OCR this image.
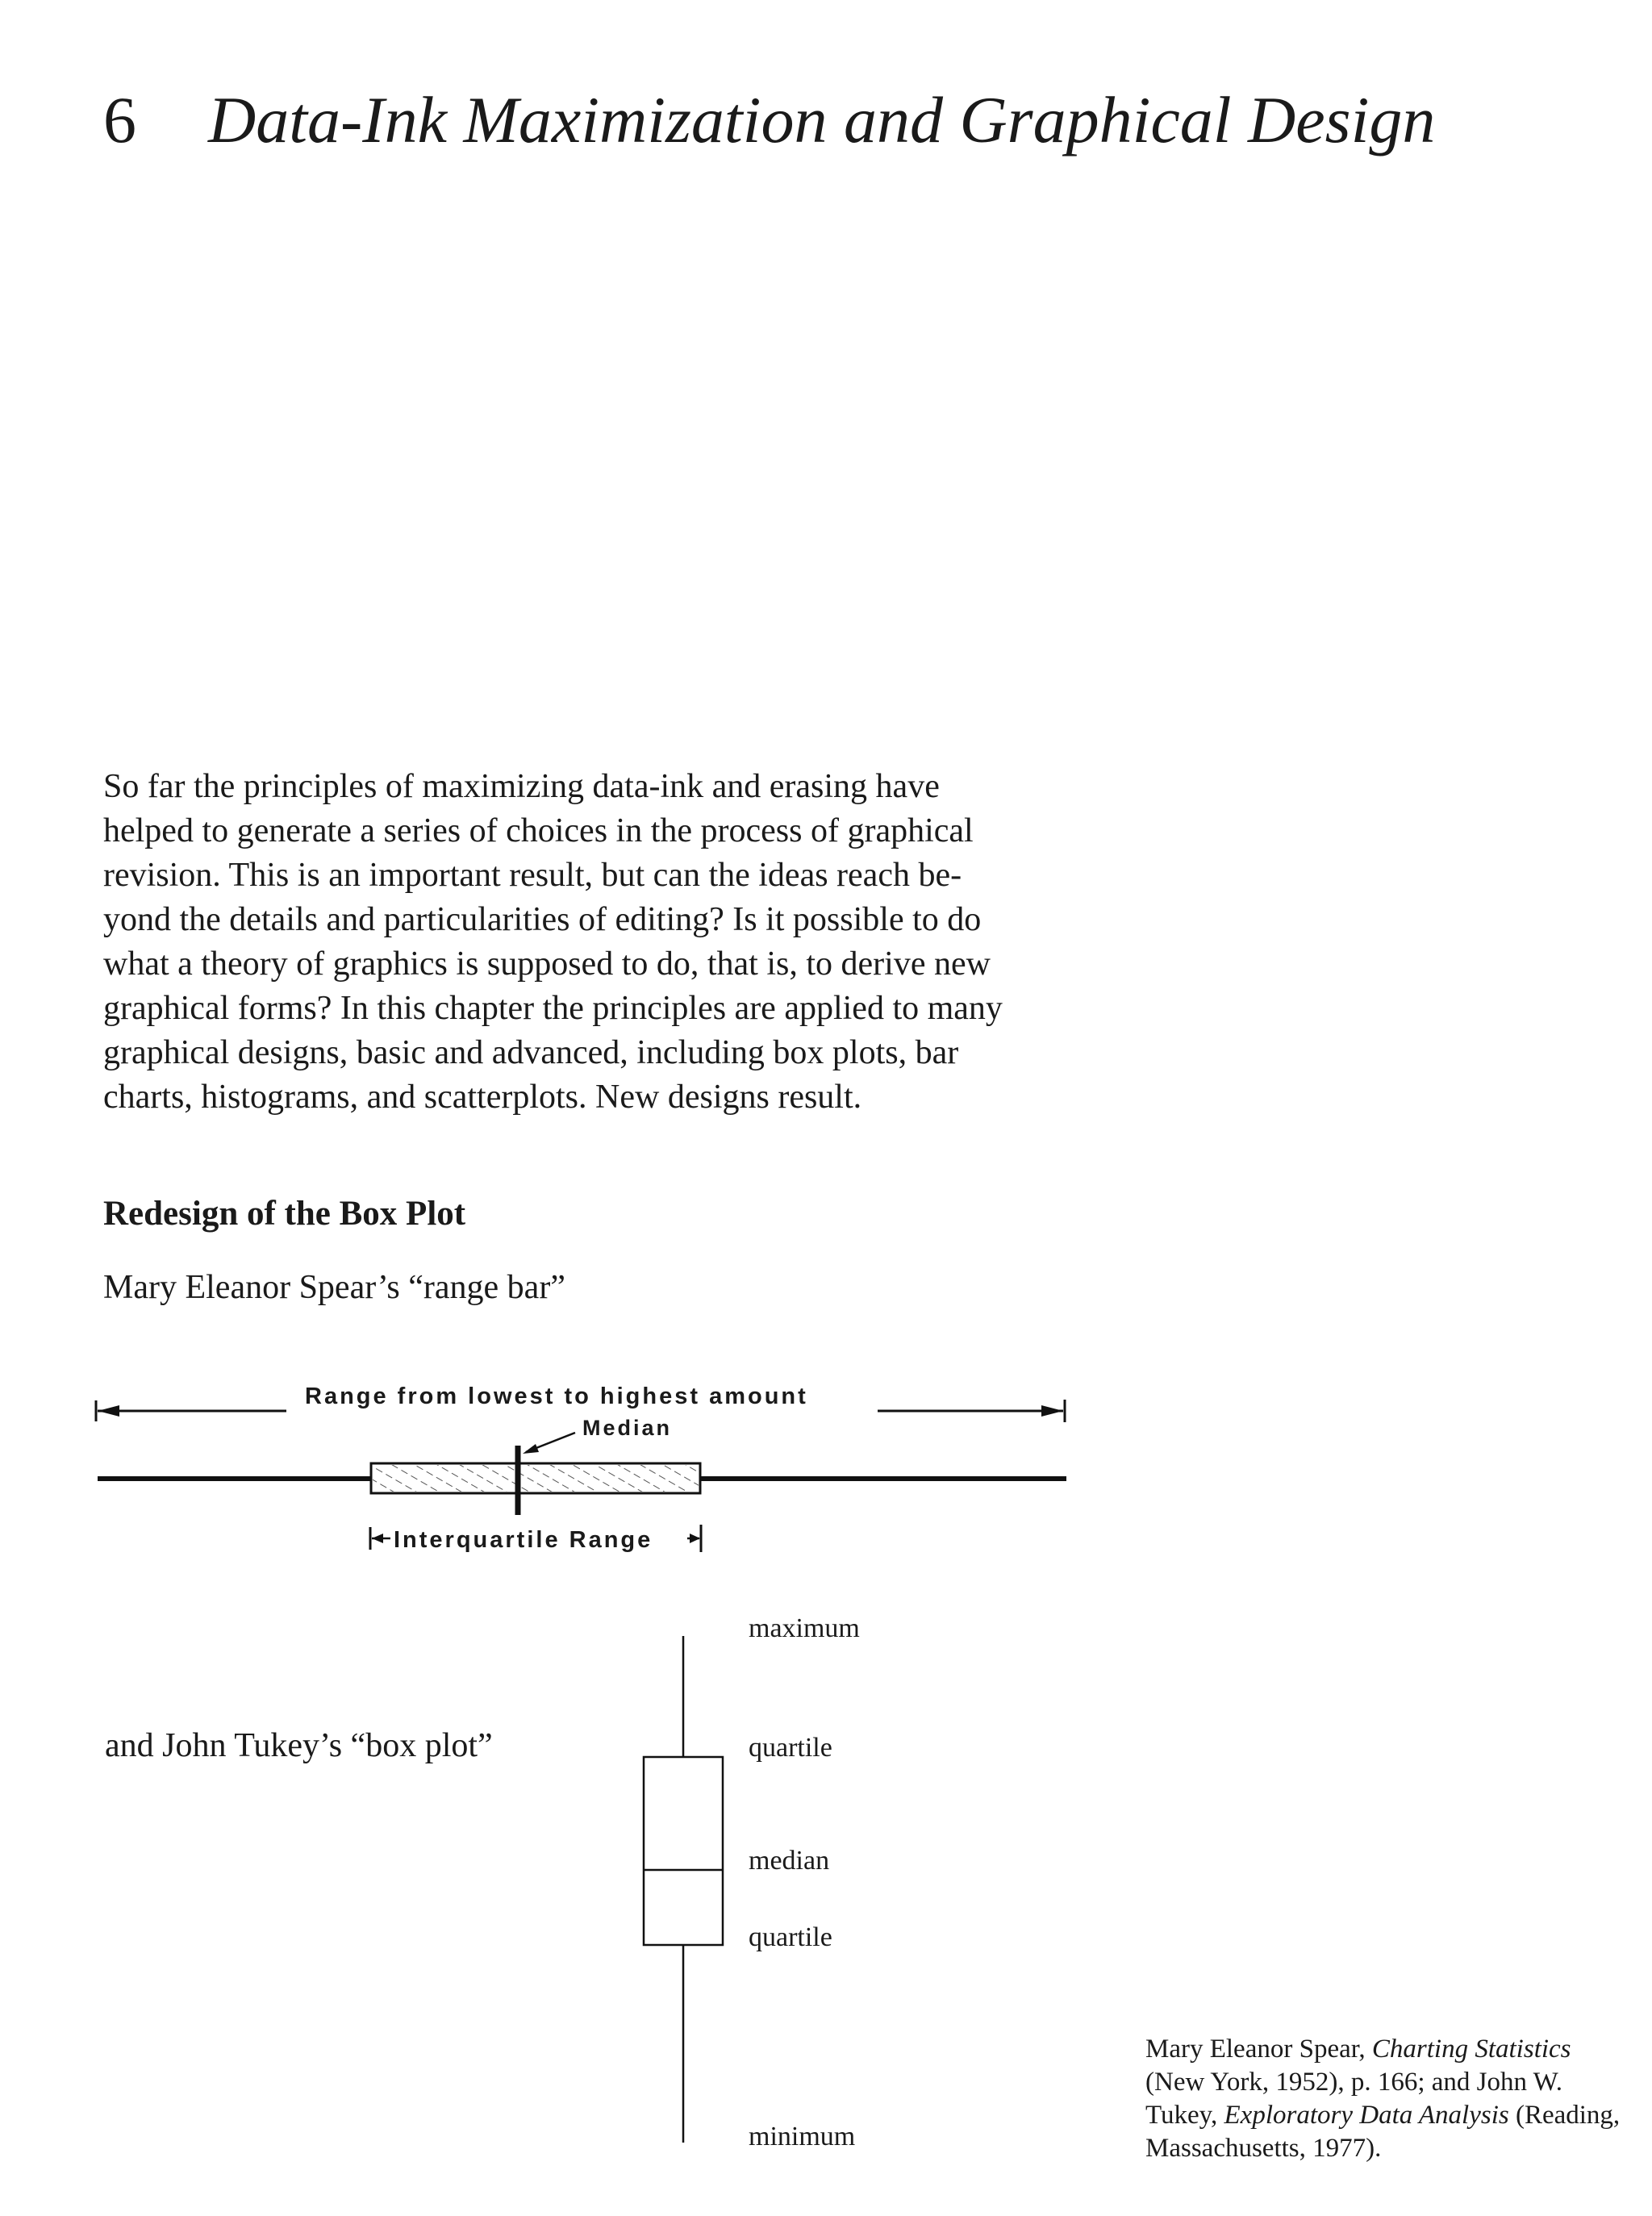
6 Data-Ink Maximization and Graphical Design
So far the principles of maximizing data-ink and erasing have
helped to generate a series of choices in the process of graphical
revision. This is an important result, but can the ideas reach be-
yond the details and particularities of editing? Is it possible to do
what a theory of graphics is supposed to do, that is, to derive new
graphical forms? In this chapter the principles are applied to many
graphical designs, basic and advanced, including box plots, bar
charts, histograms, and scatterplots. New designs result.
Redesign of the Box Plot
Mary Eleanor Spear’s “range bar”
Range from lowest to highest amount
Median
Interquartile Range
and John Tukey’s “box plot”
maximum
quartile
median
quartile
minimum
Mary Eleanor Spear, Charting Statistics
(New York, 1952), p. 166; and John W.
Tukey, Exploratory Data Analysis (Reading,
Massachusetts, 1977).
